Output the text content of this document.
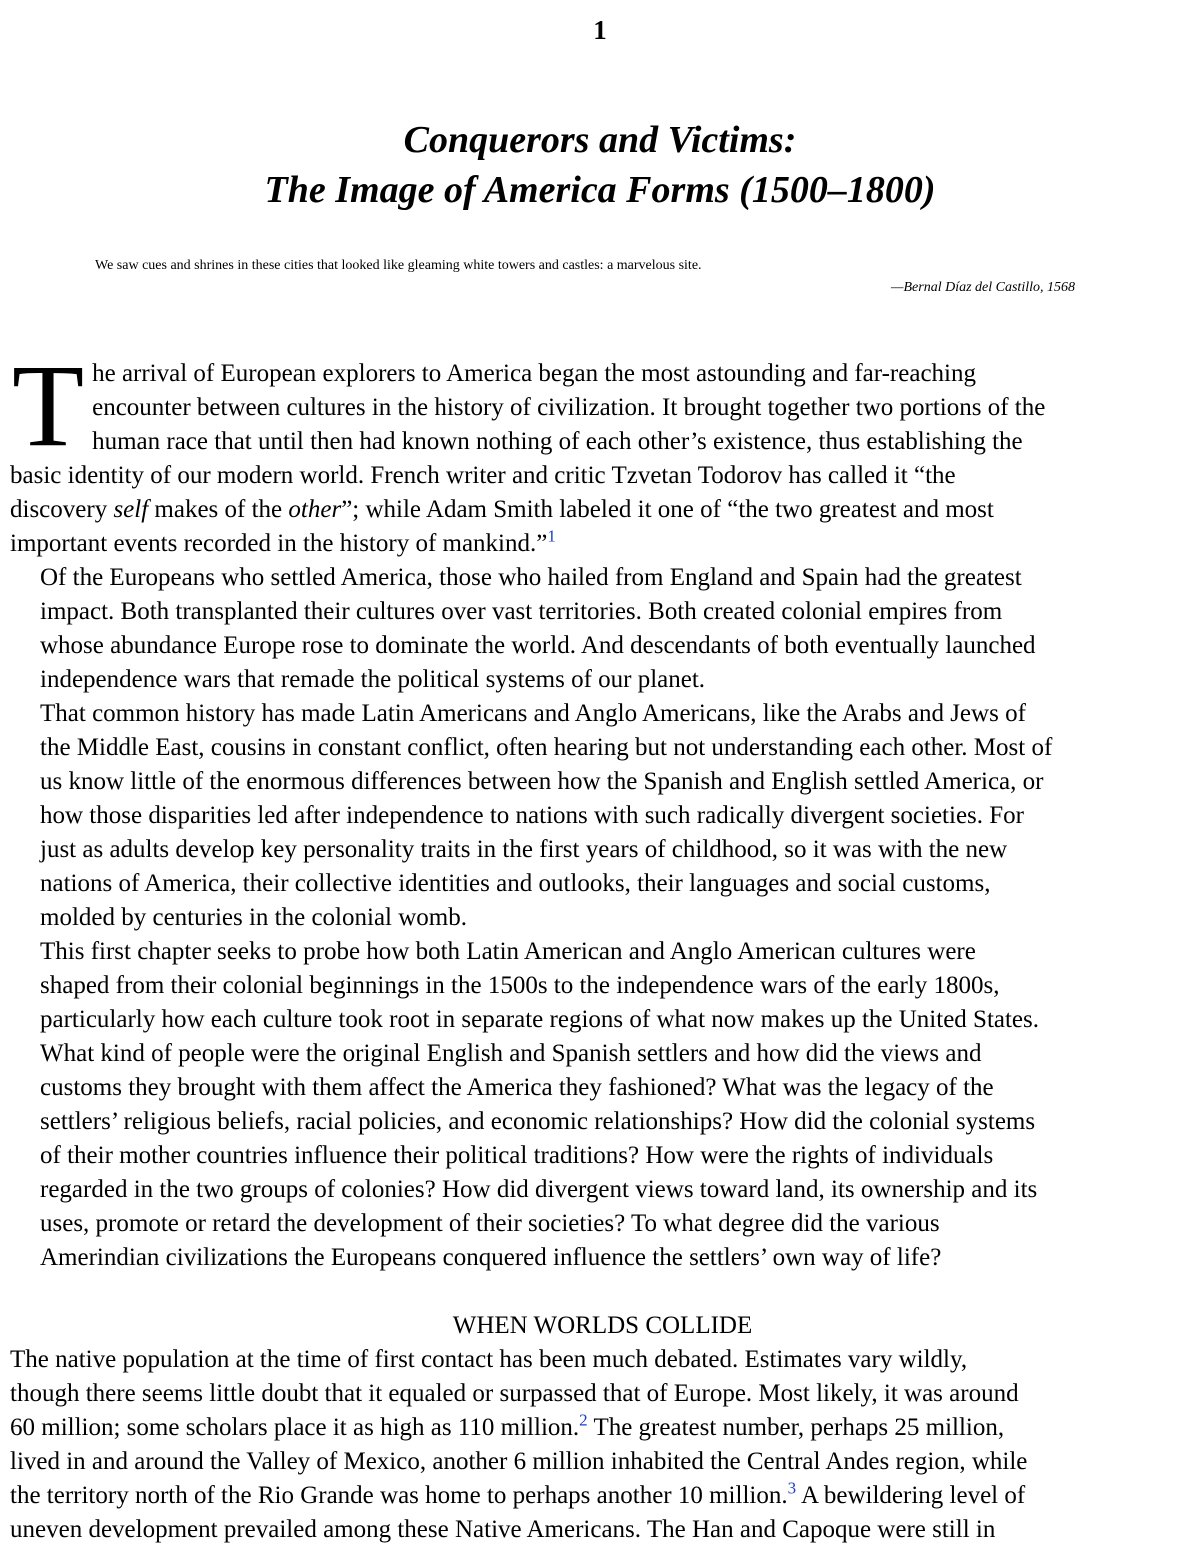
1
Conquerors and Victims:
The Image of America Forms (1500–1800)
We saw cues and shrines in these cities that looked like gleaming white towers and castles: a marvelous site.
—Bernal Díaz del Castillo, 1568
T he arrival of European explorers to America began the most astounding and far-reaching
encounter between cultures in the history of civilization. It brought together two portions of the
human race that until then had known nothing of each other’s existence, thus establishing the
basic identity of our modern world. French writer and critic Tzvetan Todorov has called it “the
discovery self makes of the other”; while Adam Smith labeled it one of “the two greatest and most
important events recorded in the history of mankind.”$^1$
Of the Europeans who settled America, those who hailed from England and Spain had the greatest
impact. Both transplanted their cultures over vast territories. Both created colonial empires from
whose abundance Europe rose to dominate the world. And descendants of both eventually launched
independence wars that remade the political systems of our planet.
That common history has made Latin Americans and Anglo Americans, like the Arabs and Jews of
the Middle East, cousins in constant conflict, often hearing but not understanding each other. Most of
us know little of the enormous differences between how the Spanish and English settled America, or
how those disparities led after independence to nations with such radically divergent societies. For
just as adults develop key personality traits in the first years of childhood, so it was with the new
nations of America, their collective identities and outlooks, their languages and social customs,
molded by centuries in the colonial womb.
This first chapter seeks to probe how both Latin American and Anglo American cultures were
shaped from their colonial beginnings in the 1500s to the independence wars of the early 1800s,
particularly how each culture took root in separate regions of what now makes up the United States.
What kind of people were the original English and Spanish settlers and how did the views and
customs they brought with them affect the America they fashioned? What was the legacy of the
settlers’ religious beliefs, racial policies, and economic relationships? How did the colonial systems
of their mother countries influence their political traditions? How were the rights of individuals
regarded in the two groups of colonies? How did divergent views toward land, its ownership and its
uses, promote or retard the development of their societies? To what degree did the various
Amerindian civilizations the Europeans conquered influence the settlers’ own way of life?
WHEN WORLDS COLLIDE
The native population at the time of first contact has been much debated. Estimates vary wildly,
though there seems little doubt that it equaled or surpassed that of Europe. Most likely, it was around
60 million; some scholars place it as high as 110 million.$^2$ The greatest number, perhaps 25 million,
lived in and around the Valley of Mexico, another 6 million inhabited the Central Andes region, while
the territory north of the Rio Grande was home to perhaps another 10 million.$^3$ A bewildering level of
uneven development prevailed among these Native Americans. The Han and Capoque were still in
